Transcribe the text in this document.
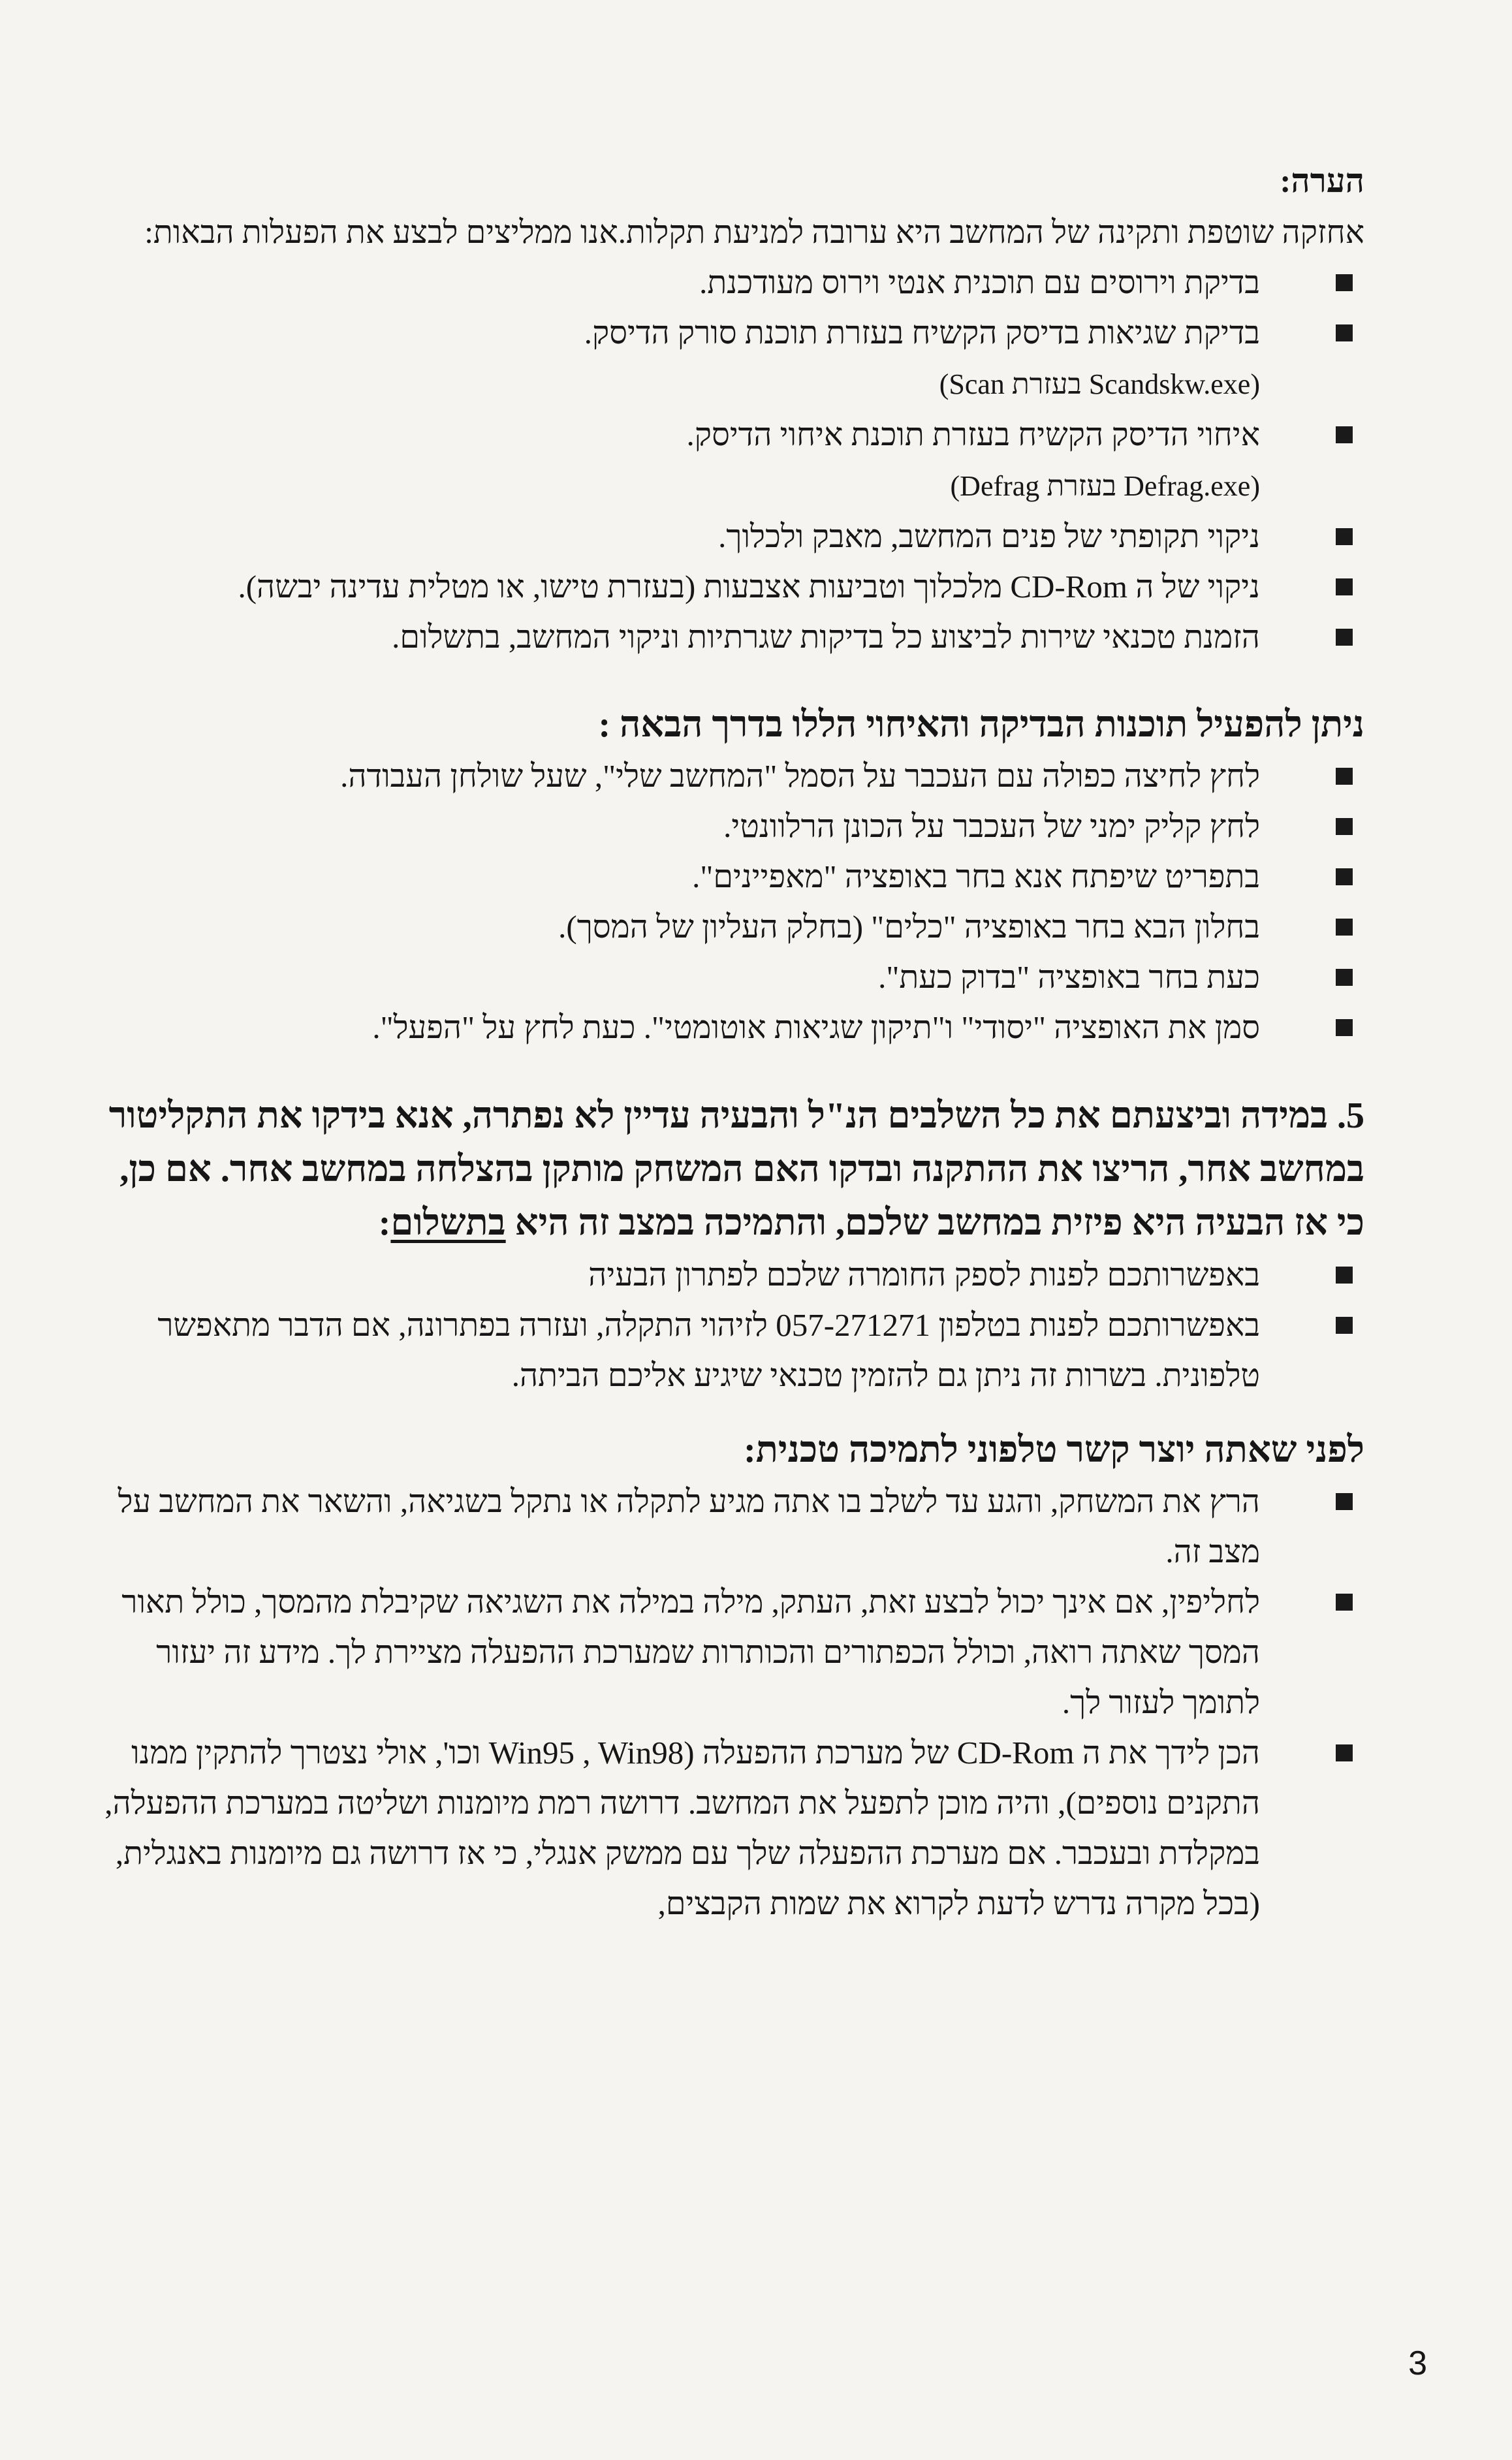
הערה:

אחזקה שוטפת ותקינה של המחשב היא ערובה למניעת תקלות.אנו ממליצים לבצע את הפעלות הבאות:

בדיקת וירוסים עם תוכנית אנטי וירוס מעודכנת.
בדיקת שגיאות בדיסק הקשיח בעזרת תוכנת סורק הדיסק.
(Scandskw.exe בעזרת Scan)
איחוי הדיסק הקשיח בעזרת תוכנת איחוי הדיסק.
(Defrag.exe בעזרת Defrag)
ניקוי תקופתי של פנים המחשב, מאבק ולכלוך.
ניקוי של ה CD-Rom מלכלוך וטביעות אצבעות (בעזרת טישו, או מטלית עדינה יבשה).
הזמנת טכנאי שירות לביצוע כל בדיקות שגרתיות וניקוי המחשב, בתשלום.

ניתן להפעיל תוכנות הבדיקה והאיחוי הללו בדרך הבאה :

לחץ לחיצה כפולה עם העכבר על הסמל "המחשב שלי", שעל שולחן העבודה.
לחץ קליק ימני של העכבר על הכונן הרלוונטי.
בתפריט שיפתח אנא בחר באופציה "מאפיינים".
בחלון הבא בחר באופציה "כלים" (בחלק העליון של המסך).
כעת בחר באופציה "בדוק כעת".
סמן את האופציה "יסודי" ו"תיקון שגיאות אוטומטי". כעת לחץ על "הפעל".

5.במידה וביצעתם את כל השלבים הנ"ל והבעיה עדיין לא נפתרה, אנא בידקו את התקליטור במחשב אחר, הריצו את ההתקנה ובדקו האם המשחק מותקן בהצלחה במחשב אחר. אם כן, כי אז הבעיה היא פיזית במחשב שלכם, והתמיכה במצב זה היא בתשלום:

באפשרותכם לפנות לספק החומרה שלכם לפתרון הבעיה
באפשרותכם לפנות בטלפון 057-271271 לזיהוי התקלה, ועזרה בפתרונה, אם הדבר מתאפשר טלפונית. בשרות זה ניתן גם להזמין טכנאי שיגיע אליכם הביתה.

לפני שאתה יוצר קשר טלפוני לתמיכה טכנית:

הרץ את המשחק, והגע עד לשלב בו אתה מגיע לתקלה או נתקל בשגיאה, והשאר את המחשב על מצב זה.
לחליפין, אם אינך יכול לבצע זאת, העתק, מילה במילה את השגיאה שקיבלת מהמסך, כולל תאור המסך שאתה רואה, וכולל הכפתורים והכותרות שמערכת ההפעלה מציירת לך. מידע זה יעזור לתומך לעזור לך.
הכן לידך את ה CD-Rom של מערכת ההפעלה (Win95 , Win98 וכו', אולי נצטרך להתקין ממנו התקנים נוספים), והיה מוכן לתפעל את המחשב. דרושה רמת מיומנות ושליטה במערכת ההפעלה, במקלדת ובעכבר. אם מערכת ההפעלה שלך עם ממשק אנגלי, כי אז דרושה גם מיומנות באנגלית, (בכל מקרה נדרש לדעת לקרוא את שמות הקבצים,
3
